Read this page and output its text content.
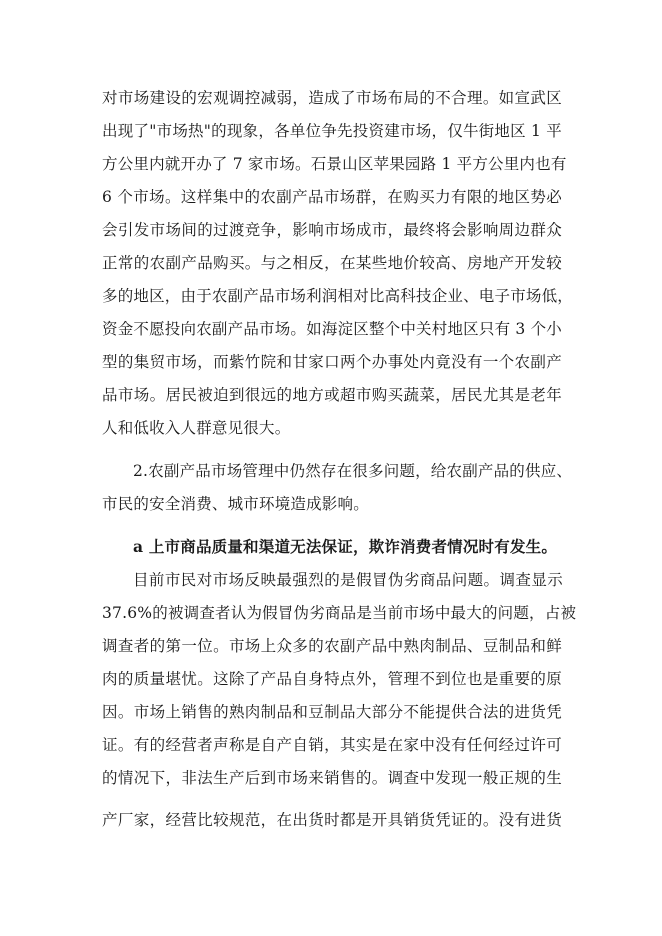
对市场建设的宏观调控减弱，造成了市场布局的不合理。如宣武区
出现了"市场热"的现象，各单位争先投资建市场，仅牛街地区 1 平
方公里内就开办了 7 家市场。石景山区苹果园路 1 平方公里内也有
6 个市场。这样集中的农副产品市场群，在购买力有限的地区势必
会引发市场间的过渡竞争，影响市场成市，最终将会影响周边群众
正常的农副产品购买。与之相反，在某些地价较高、房地产开发较
多的地区，由于农副产品市场利润相对比高科技企业、电子市场低，
资金不愿投向农副产品市场。如海淀区整个中关村地区只有 3 个小
型的集贸市场，而紫竹院和甘家口两个办事处内竟没有一个农副产
品市场。居民被迫到很远的地方或超市购买蔬菜，居民尤其是老年
人和低收入人群意见很大。
2.农副产品市场管理中仍然存在很多问题，给农副产品的供应、
市民的安全消费、城市环境造成影响。
a 上市商品质量和渠道无法保证，欺诈消费者情况时有发生。
目前市民对市场反映最强烈的是假冒伪劣商品问题。调查显示
37.6%的被调查者认为假冒伪劣商品是当前市场中最大的问题，占被
调查者的第一位。市场上众多的农副产品中熟肉制品、豆制品和鲜
肉的质量堪忧。这除了产品自身特点外，管理不到位也是重要的原
因。市场上销售的熟肉制品和豆制品大部分不能提供合法的进货凭
证。有的经营者声称是自产自销，其实是在家中没有任何经过许可
的情况下，非法生产后到市场来销售的。调查中发现一般正规的生
产厂家，经营比较规范，在出货时都是开具销货凭证的。没有进货
